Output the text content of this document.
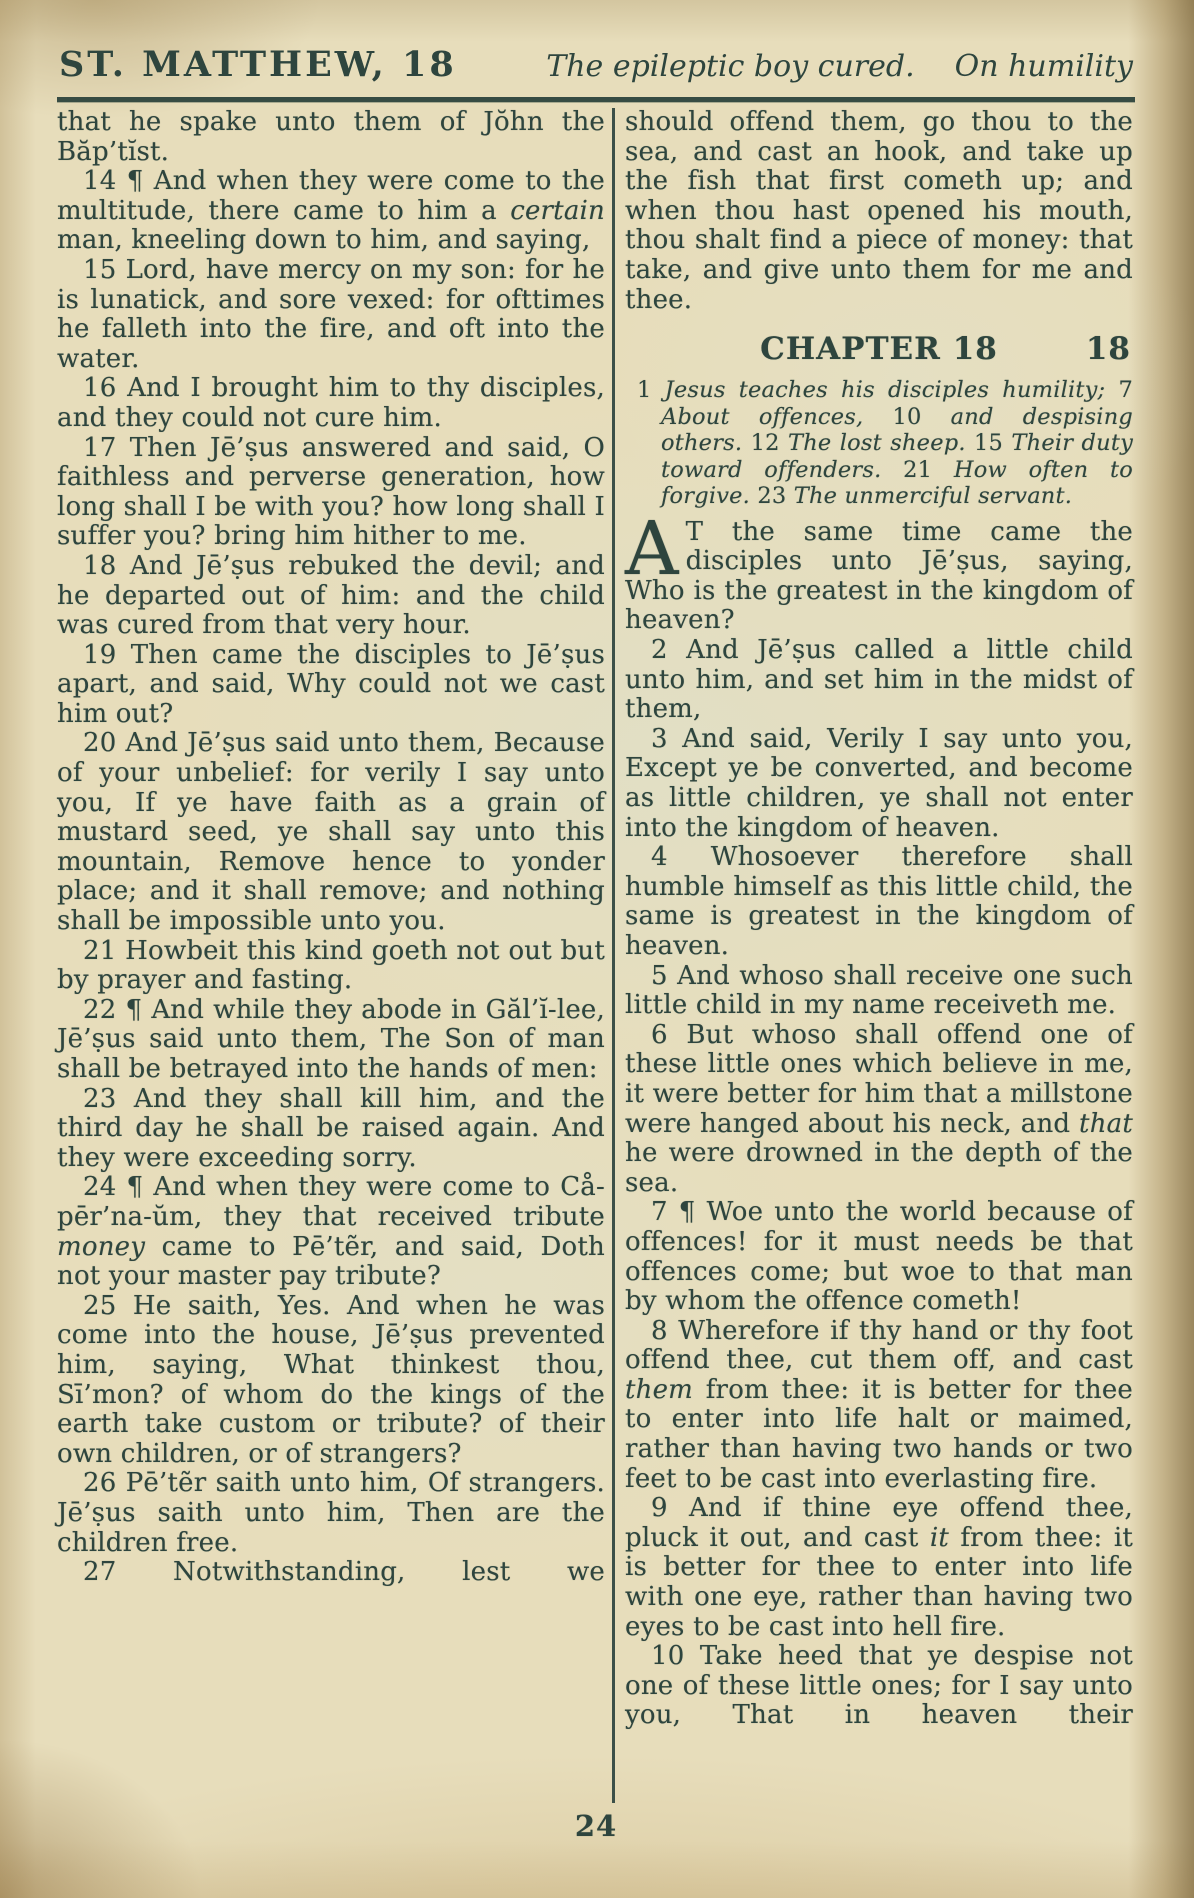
ST. MATTHEW, 18	The epileptic boy cured. On humility

that he spake unto them of Jŏhn the Băp’tĭst.

14 ¶ And when they were come to the multitude, there came to him a certain man, kneeling down to him, and saying,

15 Lord, have mercy on my son: for he is lunatick, and sore vexed: for ofttimes he falleth into the fire, and oft into the water.

16 And I brought him to thy disciples, and they could not cure him.

17 Then Jē’ṣus answered and said, O faithless and perverse generation, how long shall I be with you? how long shall I suffer you? bring him hither to me.

18 And Jē’ṣus rebuked the devil; and he departed out of him: and the child was cured from that very hour.

19 Then came the disciples to Jē’ṣus apart, and said, Why could not we cast him out?

20 And Jē’ṣus said unto them, Because of your unbelief: for verily I say unto you, If ye have faith as a grain of mustard seed, ye shall say unto this mountain, Remove hence to yonder place; and it shall remove; and nothing shall be impossible unto you.

21 Howbeit this kind goeth not out but by prayer and fasting.

22 ¶ And while they abode in Găl’ĭ-lee, Jē’ṣus said unto them, The Son of man shall be betrayed into the hands of men:

23 And they shall kill him, and the third day he shall be raised again. And they were exceeding sorry.

24 ¶ And when they were come to Cå-pēr’na-ŭm, they that received tribute money came to Pē’tẽr, and said, Doth not your master pay tribute?

25 He saith, Yes. And when he was come into the house, Jē’ṣus prevented him, saying, What thinkest thou, Sī’mon? of whom do the kings of the earth take custom or tribute? of their own children, or of strangers?

26 Pē’tẽr saith unto him, Of strangers. Jē’ṣus saith unto him, Then are the children free.

27 Notwithstanding, lest we

should offend them, go thou to the sea, and cast an hook, and take up the fish that first cometh up; and when thou hast opened his mouth, thou shalt find a piece of money: that take, and give unto them for me and thee.

CHAPTER 18	18

1 Jesus teaches his disciples humility; 7 About offences, 10 and despising others. 12 The lost sheep. 15 Their duty toward offenders. 21 How often to forgive. 23 The unmerciful servant.

A T the same time came the disciples unto Jē’ṣus, saying, Who is the greatest in the kingdom of heaven?

2 And Jē’ṣus called a little child unto him, and set him in the midst of them,

3 And said, Verily I say unto you, Except ye be converted, and become as little children, ye shall not enter into the kingdom of heaven.

4 Whosoever therefore shall humble himself as this little child, the same is greatest in the kingdom of heaven.

5 And whoso shall receive one such little child in my name receiveth me.

6 But whoso shall offend one of these little ones which believe in me, it were better for him that a millstone were hanged about his neck, and that he were drowned in the depth of the sea.

7 ¶ Woe unto the world because of offences! for it must needs be that offences come; but woe to that man by whom the offence cometh!

8 Wherefore if thy hand or thy foot offend thee, cut them off, and cast them from thee: it is better for thee to enter into life halt or maimed, rather than having two hands or two feet to be cast into everlasting fire.

9 And if thine eye offend thee, pluck it out, and cast it from thee: it is better for thee to enter into life with one eye, rather than having two eyes to be cast into hell fire.

10 Take heed that ye despise not one of these little ones; for I say unto you, That in heaven their

24
